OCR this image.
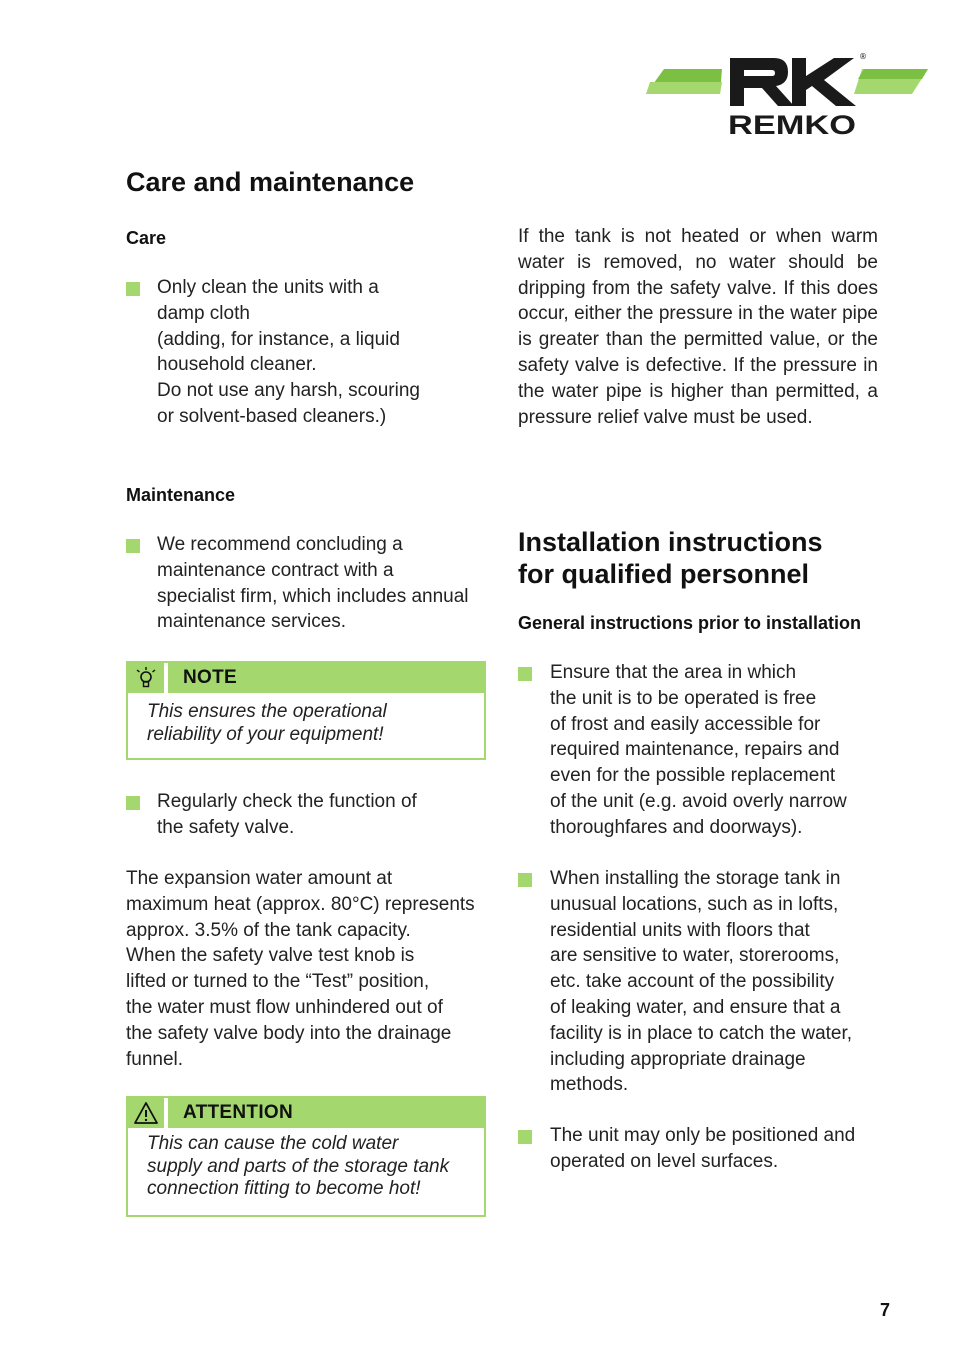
®
REMKO
Care and maintenance
Care
Only clean the units with a
damp cloth
(adding, for instance, a liquid
household cleaner.
Do not use any harsh, scouring
or solvent-based cleaners.)
Maintenance
We recommend concluding a
maintenance contract with a
specialist firm, which includes annual
maintenance services.
NOTE
This ensures the operational
reliability of your equipment!
Regularly check the function of
the safety valve.
The expansion water amount at
maximum heat (approx. 80°C) represents
approx. 3.5% of the tank capacity.
When the safety valve test knob is
lifted or turned to the “Test” position,
the water must flow unhindered out of
the safety valve body into the drainage
funnel.
ATTENTION
This can cause the cold water
supply and parts of the storage tank
connection fitting to become hot!
If the tank is not heated or when warm water is removed, no water should be dripping from the safety valve. If this does occur, either the pressure in the water pipe is greater than the permitted value, or the safety valve is defective. If the pressure in the water pipe is higher than permitted, a pressure relief valve must be used.
Installation instructions
for qualified personnel
General instructions prior to installation
Ensure that the area in which
the unit is to be operated is free
of frost and easily accessible for
required maintenance, repairs and
even for the possible replacement
of the unit (e.g. avoid overly narrow
thoroughfares and doorways).
When installing the storage tank in
unusual locations, such as in lofts,
residential units with floors that
are sensitive to water, storerooms,
etc. take account of the possibility
of leaking water, and ensure that a
facility is in place to catch the water,
including appropriate drainage
methods.
The unit may only be positioned and
operated on level surfaces.
7
